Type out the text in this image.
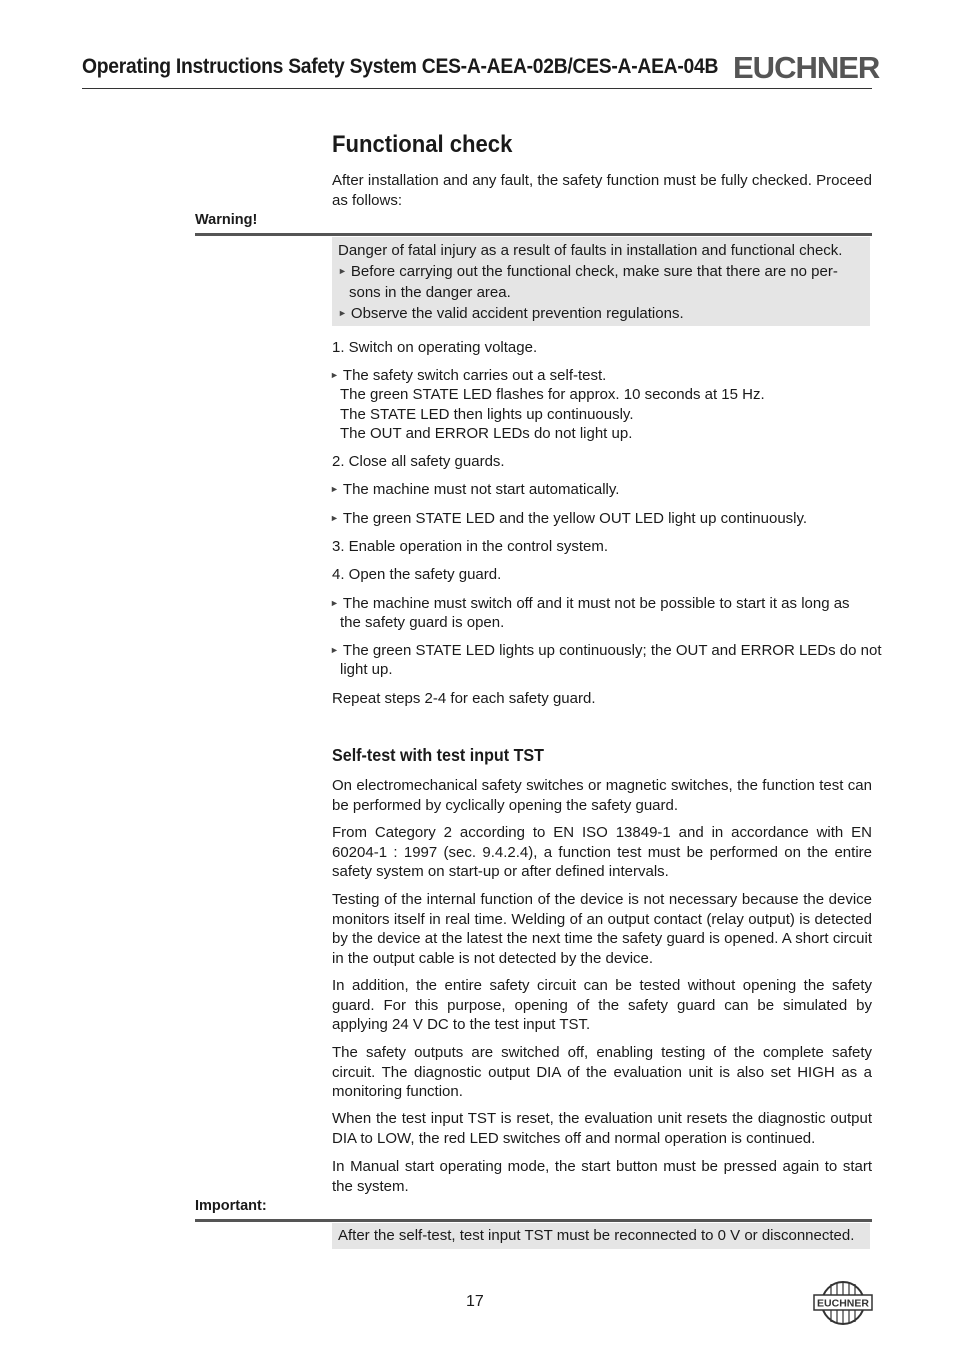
Operating Instructions Safety System CES-A-AEA-02B/CES-A-AEA-04B EUCHNER
Functional check
After installation and any fault, the safety function must be fully checked. Proceed as follows:
Warning!
Danger of fatal injury as a result of faults in installation and functional check.
► Before carrying out the functional check, make sure that there are no per-
sons in the danger area.
► Observe the valid accident prevention regulations.
1. Switch on operating voltage.
► The safety switch carries out a self-test.
The green STATE LED flashes for approx. 10 seconds at 15 Hz.
The STATE LED then lights up continuously.
The OUT and ERROR LEDs do not light up.
2. Close all safety guards.
► The machine must not start automatically.
► The green STATE LED and the yellow OUT LED light up continuously.
3. Enable operation in the control system.
4. Open the safety guard.
► The machine must switch off and it must not be possible to start it as long as
the safety guard is open.
► The green STATE LED lights up continuously; the OUT and ERROR LEDs do not
light up.
Repeat steps 2-4 for each safety guard.
Self-test with test input TST
On electromechanical safety switches or magnetic switches, the function test can be performed by cyclically opening the safety guard.
From Category 2 according to EN ISO 13849-1 and in accordance with EN 60204-1 : 1997 (sec. 9.4.2.4), a function test must be performed on the entire safety system on start-up or after defined intervals.
Testing of the internal function of the device is not necessary because the device monitors itself in real time. Welding of an output contact (relay output) is detected by the device at the latest the next time the safety guard is opened. A short circuit in the output cable is not detected by the device.
In addition, the entire safety circuit can be tested without opening the safety guard. For this purpose, opening of the safety guard can be simulated by applying 24 V DC to the test input TST.
The safety outputs are switched off, enabling testing of the complete safety circuit. The diagnostic output DIA of the evaluation unit is also set HIGH as a monitoring function.
When the test input TST is reset, the evaluation unit resets the diagnostic output DIA to LOW, the red LED switches off and normal operation is continued.
In Manual start operating mode, the start button must be pressed again to start the system.
Important:
After the self-test, test input TST must be reconnected to 0 V or disconnected.
17	EUCHNER
